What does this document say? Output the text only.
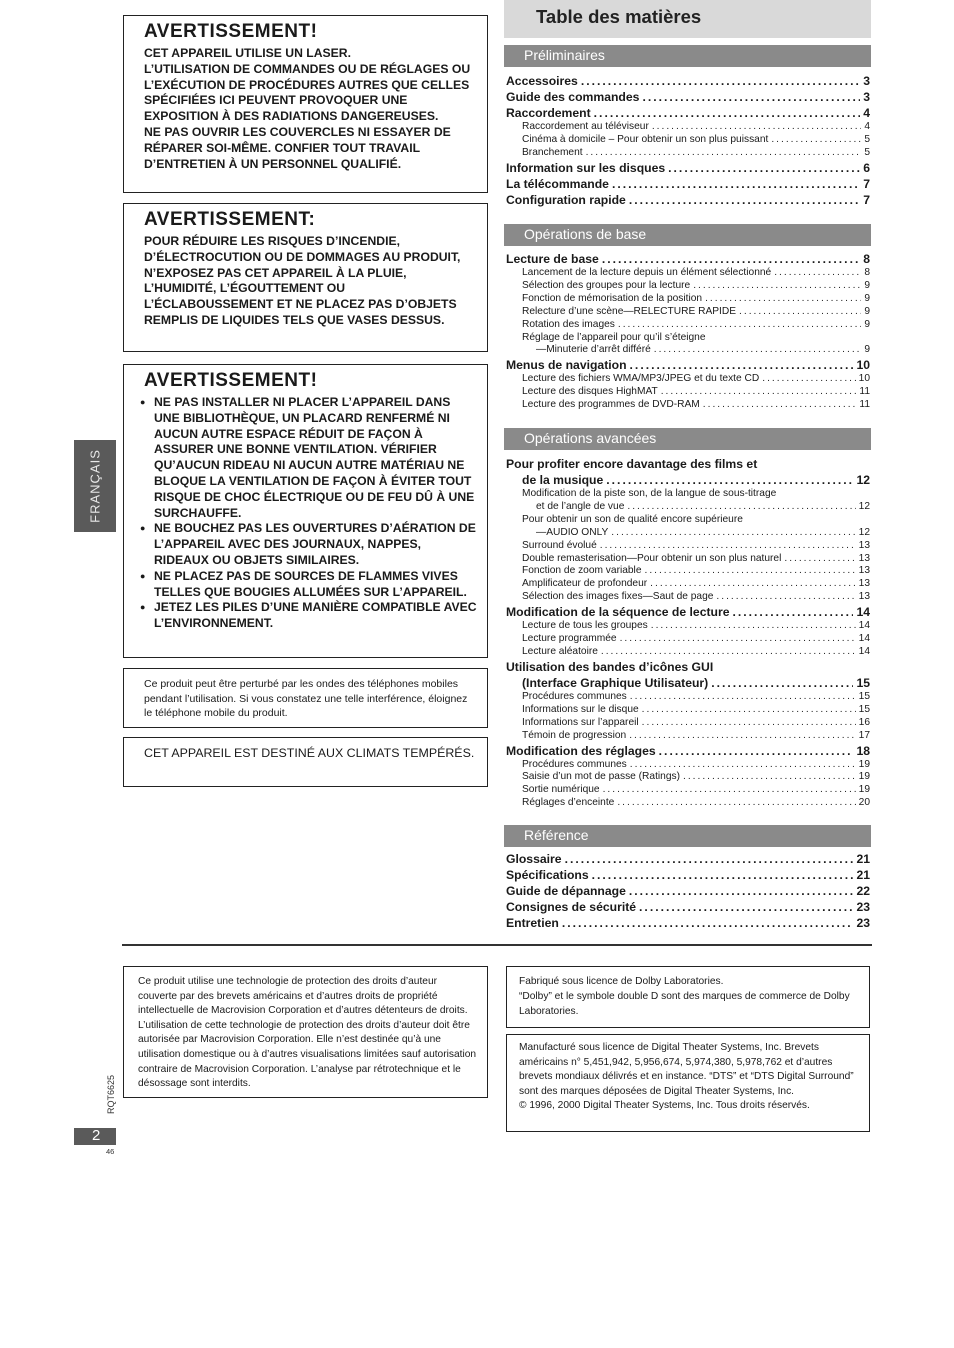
FRANÇAIS
AVERTISSEMENT!
CET APPAREIL UTILISE UN LASER.
L’UTILISATION DE COMMANDES OU DE RÉGLAGES OU L’EXÉCUTION DE PROCÉDURES AUTRES QUE CELLES SPÉCIFIÉES ICI PEUVENT PROVOQUER UNE EXPOSITION À DES RADIATIONS DANGEREUSES.
NE PAS OUVRIR LES COUVERCLES NI ESSAYER DE RÉPARER SOI-MÊME. CONFIER TOUT TRAVAIL D’ENTRETIEN À UN PERSONNEL QUALIFIÉ.
AVERTISSEMENT:
POUR RÉDUIRE LES RISQUES D’INCENDIE, D’ÉLECTROCUTION OU DE DOMMAGES AU PRODUIT, N’EXPOSEZ PAS CET APPAREIL À LA PLUIE, L’HUMIDITÉ, L’ÉGOUTTEMENT OU L’ÉCLABOUSSEMENT ET NE PLACEZ PAS D’OBJETS REMPLIS DE LIQUIDES TELS QUE VASES DESSUS.
AVERTISSEMENT!
● NE PAS INSTALLER NI PLACER L’APPAREIL DANS UNE BIBLIOTHÈQUE, UN PLACARD RENFERMÉ NI AUCUN AUTRE ESPACE RÉDUIT DE FAÇON À ASSURER UNE BONNE VENTILATION. VÉRIFIER QU’AUCUN RIDEAU NI AUCUN AUTRE MATÉRIAU NE BLOQUE LA VENTILATION DE FAÇON À ÉVITER TOUT RISQUE DE CHOC ÉLECTRIQUE OU DE FEU DÛ À UNE SURCHAUFFE.
● NE BOUCHEZ PAS LES OUVERTURES D’AÉRATION DE L’APPAREIL AVEC DES JOURNAUX, NAPPES, RIDEAUX OU OBJETS SIMILAIRES.
● NE PLACEZ PAS DE SOURCES DE FLAMMES VIVES TELLES QUE BOUGIES ALLUMÉES SUR L’APPAREIL.
● JETEZ LES PILES D’UNE MANIÈRE COMPATIBLE AVEC L’ENVIRONNEMENT.
Ce produit peut être perturbé par les ondes des téléphones mobiles pendant l’utilisation. Si vous constatez une telle interférence, éloignez le téléphone mobile du produit.
CET APPAREIL EST DESTINÉ AUX CLIMATS TEMPÉRÉS.
Table des matières
Préliminaires
Opérations de base
Opérations avancées
Référence
Accessoires .....	3
Guide des commandes .....	3
Raccordement .....	4
Raccordement au téléviseur .....	4
Cinéma à domicile – Pour obtenir un son plus puissant .....	5
Branchement .....	5
Information sur les disques .....	6
La télécommande .....	7
Configuration rapide .....	7
Lecture de base .....	8
Lancement de la lecture depuis un élément sélectionné .....	8
Sélection des groupes pour la lecture .....	9
Fonction de mémorisation de la position .....	9
Relecture d’une scène—RELECTURE RAPIDE .....	9
Rotation des images .....	9
Réglage de l’appareil pour qu’il s’éteigne
—Minuterie d’arrêt différé .....	9
Menus de navigation .....	10
Lecture des fichiers WMA/MP3/JPEG et du texte CD .....	10
Lecture des disques HighMAT .....	11
Lecture des programmes de DVD-RAM .....	11
Pour profiter encore davantage des films et
de la musique .....	12
Modification de la piste son, de la langue de sous-titrage
et de l’angle de vue .....	12
Pour obtenir un son de qualité encore supérieure
—AUDIO ONLY .....	12
Surround évolué .....	13
Double remasterisation—Pour obtenir un son plus naturel .....	13
Fonction de zoom variable .....	13
Amplificateur de profondeur .....	13
Sélection des images fixes—Saut de page .....	13
Modification de la séquence de lecture .....	14
Lecture de tous les groupes .....	14
Lecture programmée .....	14
Lecture aléatoire .....	14
Utilisation des bandes d’icônes GUI
(Interface Graphique Utilisateur) .....	15
Procédures communes .....	15
Informations sur le disque .....	15
Informations sur l’appareil .....	16
Témoin de progression .....	17
Modification des réglages .....	18
Procédures communes .....	19
Saisie d’un mot de passe (Ratings) .....	19
Sortie numérique .....	19
Réglages d’enceinte .....	20
Glossaire .....	21
Spécifications .....	21
Guide de dépannage .....	22
Consignes de sécurité .....	23
Entretien .....	23
Ce produit utilise une technologie de protection des droits d’auteur couverte par des brevets américains et d’autres droits de propriété intellectuelle de Macrovision Corporation et d’autres détenteurs de droits. L’utilisation de cette technologie de protection des droits d’auteur doit être autorisée par Macrovision Corporation. Elle n’est destinée qu’à une utilisation domestique ou à d’autres visualisations limitées sauf autorisation contraire de Macrovision Corporation. L’analyse par rétrotechnique et le désossage sont interdits.
Fabriqué sous licence de Dolby Laboratories.
“Dolby” et le symbole double D sont des marques de commerce de Dolby Laboratories.
Manufacturé sous licence de Digital Theater Systems, Inc. Brevets américains n° 5,451,942, 5,956,674, 5,974,380, 5,978,762 et d’autres brevets mondiaux délivrés et en instance. “DTS” et “DTS Digital Surround” sont des marques déposées de Digital Theater Systems, Inc.
© 1996, 2000 Digital Theater Systems, Inc. Tous droits réservés.
RQT6625
2
46
